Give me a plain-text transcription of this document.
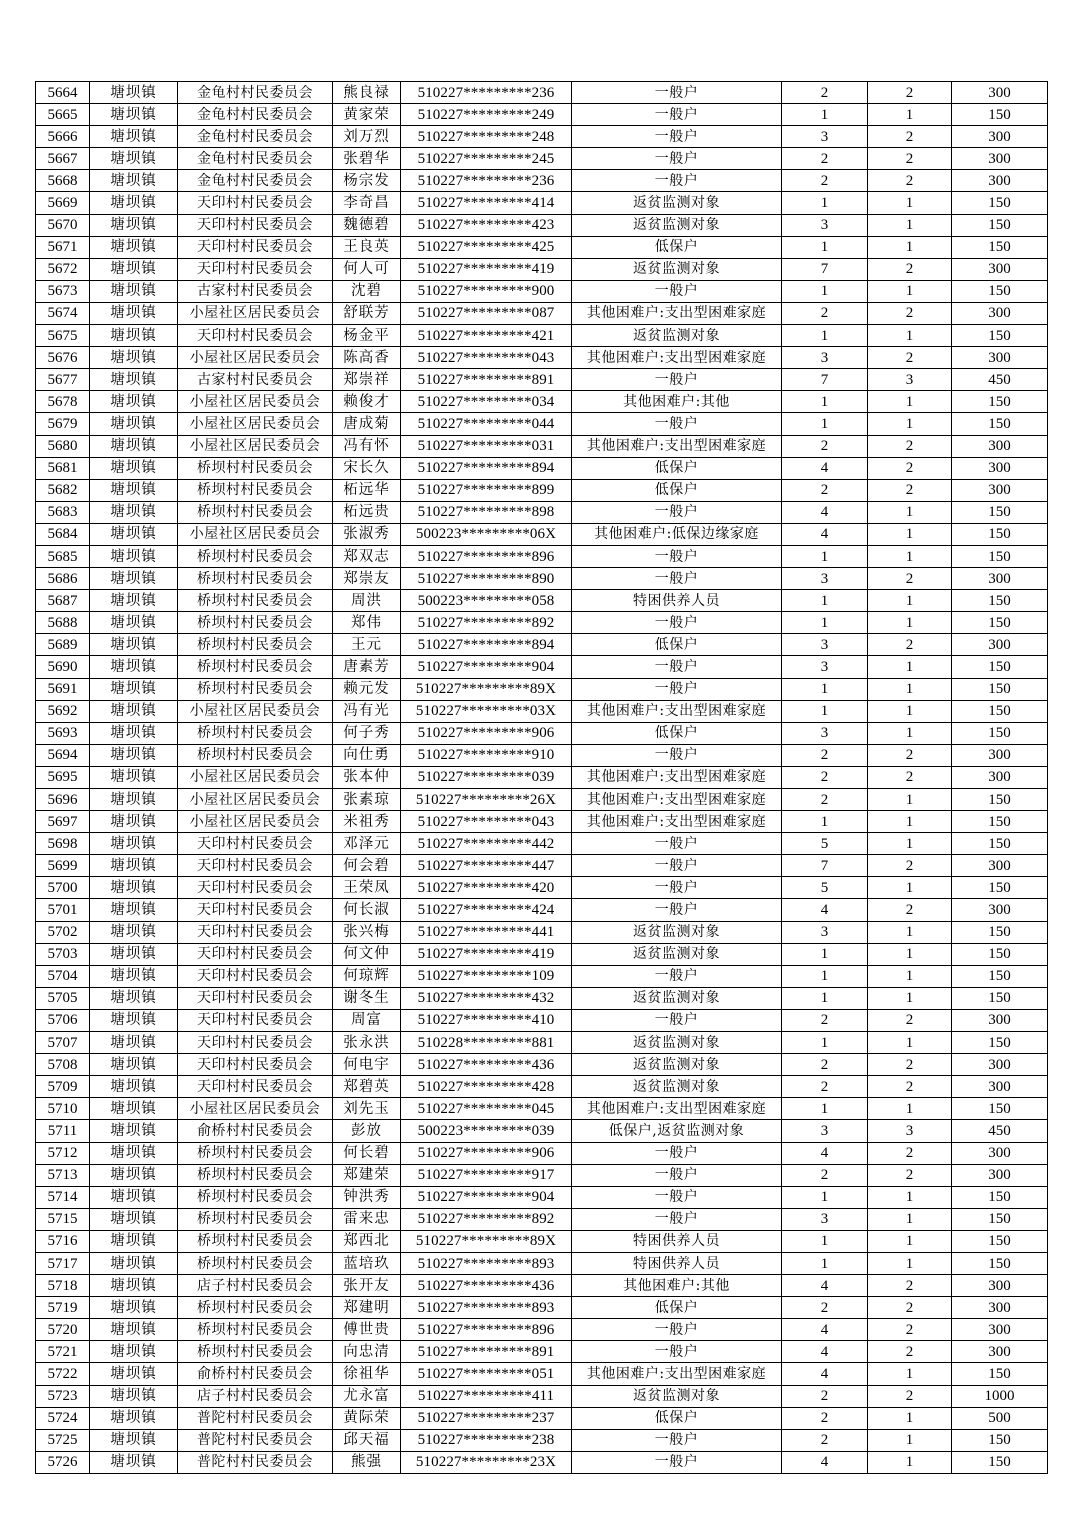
5664	塘坝镇	金龟村村民委员会	熊良禄	510227*********236	一般户	2	2	300
5665	塘坝镇	金龟村村民委员会	黄家荣	510227*********249	一般户	1	1	150
5666	塘坝镇	金龟村村民委员会	刘万烈	510227*********248	一般户	3	2	300
5667	塘坝镇	金龟村村民委员会	张碧华	510227*********245	一般户	2	2	300
5668	塘坝镇	金龟村村民委员会	杨宗发	510227*********236	一般户	2	2	300
5669	塘坝镇	天印村村民委员会	李奇昌	510227*********414	返贫监测对象	1	1	150
5670	塘坝镇	天印村村民委员会	魏德碧	510227*********423	返贫监测对象	3	1	150
5671	塘坝镇	天印村村民委员会	王良英	510227*********425	低保户	1	1	150
5672	塘坝镇	天印村村民委员会	何人可	510227*********419	返贫监测对象	7	2	300
5673	塘坝镇	古家村村民委员会	沈碧	510227*********900	一般户	1	1	150
5674	塘坝镇	小屋社区居民委员会	舒联芳	510227*********087	其他困难户:支出型困难家庭	2	2	300
5675	塘坝镇	天印村村民委员会	杨金平	510227*********421	返贫监测对象	1	1	150
5676	塘坝镇	小屋社区居民委员会	陈高香	510227*********043	其他困难户:支出型困难家庭	3	2	300
5677	塘坝镇	古家村村民委员会	郑崇祥	510227*********891	一般户	7	3	450
5678	塘坝镇	小屋社区居民委员会	赖俊才	510227*********034	其他困难户:其他	1	1	150
5679	塘坝镇	小屋社区居民委员会	唐成菊	510227*********044	一般户	1	1	150
5680	塘坝镇	小屋社区居民委员会	冯有怀	510227*********031	其他困难户:支出型困难家庭	2	2	300
5681	塘坝镇	桥坝村村民委员会	宋长久	510227*********894	低保户	4	2	300
5682	塘坝镇	桥坝村村民委员会	柘远华	510227*********899	低保户	2	2	300
5683	塘坝镇	桥坝村村民委员会	柘远贵	510227*********898	一般户	4	1	150
5684	塘坝镇	小屋社区居民委员会	张淑秀	500223*********06X	其他困难户:低保边缘家庭	4	1	150
5685	塘坝镇	桥坝村村民委员会	郑双志	510227*********896	一般户	1	1	150
5686	塘坝镇	桥坝村村民委员会	郑崇友	510227*********890	一般户	3	2	300
5687	塘坝镇	桥坝村村民委员会	周洪	500223*********058	特困供养人员	1	1	150
5688	塘坝镇	桥坝村村民委员会	郑伟	510227*********892	一般户	1	1	150
5689	塘坝镇	桥坝村村民委员会	王元	510227*********894	低保户	3	2	300
5690	塘坝镇	桥坝村村民委员会	唐素芳	510227*********904	一般户	3	1	150
5691	塘坝镇	桥坝村村民委员会	赖元发	510227*********89X	一般户	1	1	150
5692	塘坝镇	小屋社区居民委员会	冯有光	510227*********03X	其他困难户:支出型困难家庭	1	1	150
5693	塘坝镇	桥坝村村民委员会	何子秀	510227*********906	低保户	3	1	150
5694	塘坝镇	桥坝村村民委员会	向仕勇	510227*********910	一般户	2	2	300
5695	塘坝镇	小屋社区居民委员会	张本仲	510227*********039	其他困难户:支出型困难家庭	2	2	300
5696	塘坝镇	小屋社区居民委员会	张素琼	510227*********26X	其他困难户:支出型困难家庭	2	1	150
5697	塘坝镇	小屋社区居民委员会	米祖秀	510227*********043	其他困难户:支出型困难家庭	1	1	150
5698	塘坝镇	天印村村民委员会	邓泽元	510227*********442	一般户	5	1	150
5699	塘坝镇	天印村村民委员会	何会碧	510227*********447	一般户	7	2	300
5700	塘坝镇	天印村村民委员会	王荣凤	510227*********420	一般户	5	1	150
5701	塘坝镇	天印村村民委员会	何长淑	510227*********424	一般户	4	2	300
5702	塘坝镇	天印村村民委员会	张兴梅	510227*********441	返贫监测对象	3	1	150
5703	塘坝镇	天印村村民委员会	何文仲	510227*********419	返贫监测对象	1	1	150
5704	塘坝镇	天印村村民委员会	何琼辉	510227*********109	一般户	1	1	150
5705	塘坝镇	天印村村民委员会	谢冬生	510227*********432	返贫监测对象	1	1	150
5706	塘坝镇	天印村村民委员会	周富	510227*********410	一般户	2	2	300
5707	塘坝镇	天印村村民委员会	张永洪	510228*********881	返贫监测对象	1	1	150
5708	塘坝镇	天印村村民委员会	何电宇	510227*********436	返贫监测对象	2	2	300
5709	塘坝镇	天印村村民委员会	郑碧英	510227*********428	返贫监测对象	2	2	300
5710	塘坝镇	小屋社区居民委员会	刘先玉	510227*********045	其他困难户:支出型困难家庭	1	1	150
5711	塘坝镇	俞桥村村民委员会	彭放	500223*********039	低保户,返贫监测对象	3	3	450
5712	塘坝镇	桥坝村村民委员会	何长碧	510227*********906	一般户	4	2	300
5713	塘坝镇	桥坝村村民委员会	郑建荣	510227*********917	一般户	2	2	300
5714	塘坝镇	桥坝村村民委员会	钟洪秀	510227*********904	一般户	1	1	150
5715	塘坝镇	桥坝村村民委员会	雷来忠	510227*********892	一般户	3	1	150
5716	塘坝镇	桥坝村村民委员会	郑西北	510227*********89X	特困供养人员	1	1	150
5717	塘坝镇	桥坝村村民委员会	蓝培玖	510227*********893	特困供养人员	1	1	150
5718	塘坝镇	店子村村民委员会	张开友	510227*********436	其他困难户:其他	4	2	300
5719	塘坝镇	桥坝村村民委员会	郑建明	510227*********893	低保户	2	2	300
5720	塘坝镇	桥坝村村民委员会	傅世贵	510227*********896	一般户	4	2	300
5721	塘坝镇	桥坝村村民委员会	向忠清	510227*********891	一般户	4	2	300
5722	塘坝镇	俞桥村村民委员会	徐祖华	510227*********051	其他困难户:支出型困难家庭	4	1	150
5723	塘坝镇	店子村村民委员会	尤永富	510227*********411	返贫监测对象	2	2	1000
5724	塘坝镇	普陀村村民委员会	黄际荣	510227*********237	低保户	2	1	500
5725	塘坝镇	普陀村村民委员会	邱天福	510227*********238	一般户	2	1	150
5726	塘坝镇	普陀村村民委员会	熊强	510227*********23X	一般户	4	1	150
